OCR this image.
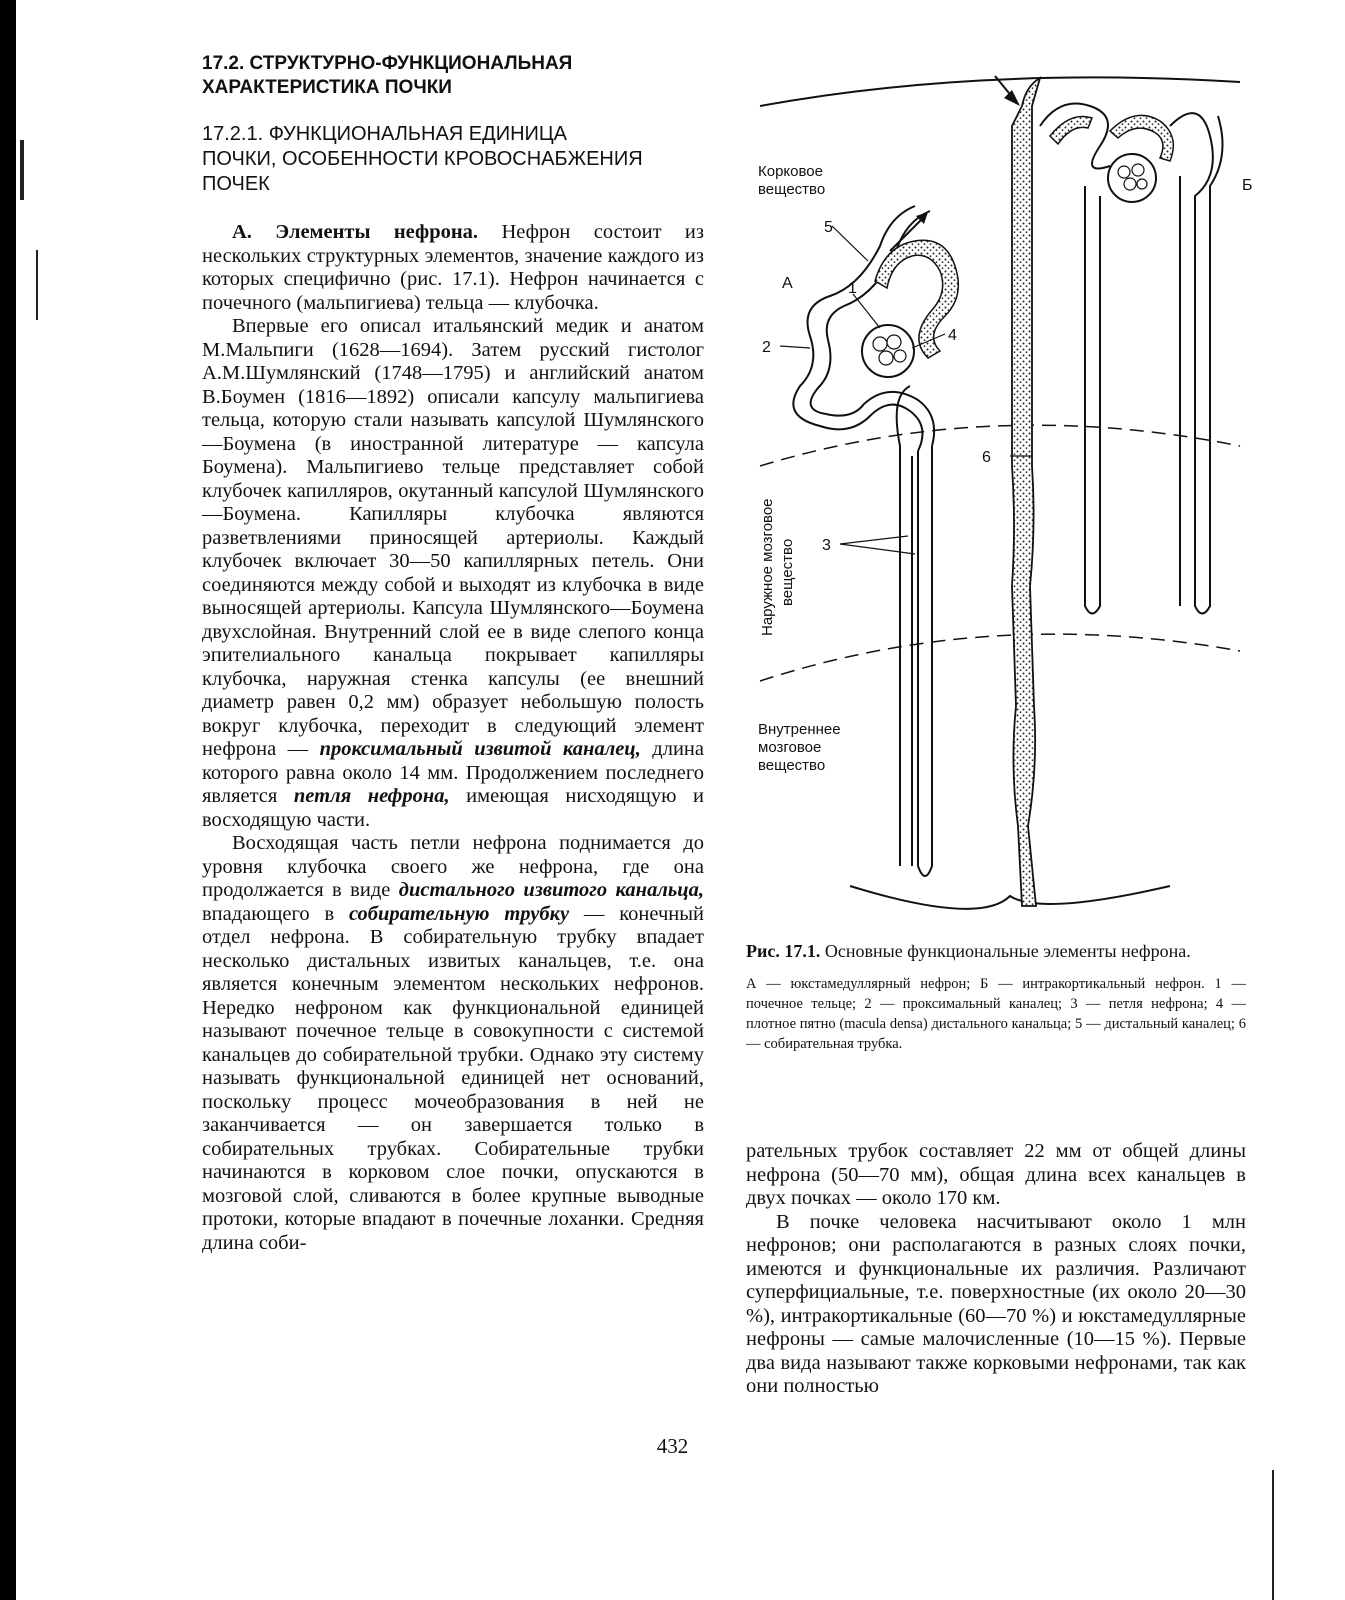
17.2. СТРУКТУРНО-ФУНКЦИОНАЛЬНАЯ
ХАРАКТЕРИСТИКА ПОЧКИ
17.2.1. ФУНКЦИОНАЛЬНАЯ ЕДИНИЦА
ПОЧКИ, ОСОБЕННОСТИ КРОВОСНАБЖЕНИЯ
ПОЧЕК

А. Элементы нефрона. Нефрон состоит из нескольких структурных элементов, значение каждого из которых специфично (рис. 17.1). Нефрон начинается с почечного (мальпигиева) тельца — клубочка.

Впервые его описал итальянский медик и анатом М.Мальпиги (1628—1694). Затем русский гистолог А.М.Шумлянский (1748—1795) и английский анатом В.Боумен (1816—1892) описали капсулу мальпигиева тельца, которую стали называть капсулой Шумлянского—Боумена (в иностранной литературе — капсула Боумена). Мальпигиево тельце представляет собой клубочек капилляров, окутанный капсулой Шумлянского—Боумена. Капилляры клубочка являются разветвлениями приносящей артериолы. Каждый клубочек включает 30—50 капиллярных петель. Они соединяются между собой и выходят из клубочка в виде выносящей артериолы. Капсула Шумлянского—Боумена двухслойная. Внутренний слой ее в виде слепого конца эпителиального канальца покрывает капилляры клубочка, наружная стенка капсулы (ее внешний диаметр равен 0,2 мм) образует небольшую полость вокруг клубочка, переходит в следующий элемент нефрона — проксимальный извитой каналец, длина которого равна около 14 мм. Продолжением последнего является петля нефрона, имеющая нисходящую и восходящую части.

Восходящая часть петли нефрона поднимается до уровня клубочка своего же нефрона, где она продолжается в виде дистального извитого канальца, впадающего в собирательную трубку — конечный отдел нефрона. В собирательную трубку впадает несколько дистальных извитых канальцев, т.е. она является конечным элементом нескольких нефронов. Нередко нефроном как функциональной единицей называют почечное тельце в совокупности с системой канальцев до собирательной трубки. Однако эту систему называть функциональной единицей нет оснований, поскольку процесс мочеобразования в ней не заканчивается — он завершается только в собирательных трубках. Собирательные трубки начинаются в корковом слое почки, опускаются в мозговой слой, сливаются в более крупные выводные протоки, которые впадают в почечные лоханки. Средняя длина соби-

Корковое
вещество
Наружное мозговое вещество
Внутреннее
мозговое
вещество
А
Б
1
2
3
4
5
6

Рис. 17.1. Основные функциональные элементы нефрона.

А — юкстамедуллярный нефрон; Б — интракортикальный нефрон. 1 — почечное тельце; 2 — проксимальный каналец; 3 — петля нефрона; 4 — плотное пятно (macula densa) дистального канальца; 5 — дистальный каналец; 6 — собирательная трубка.

рательных трубок составляет 22 мм от общей длины нефрона (50—70 мм), общая длина всех канальцев в двух почках — около 170 км.

В почке человека насчитывают около 1 млн нефронов; они располагаются в разных слоях почки, имеются и функциональные их различия. Различают суперфициальные, т.е. поверхностные (их около 20—30 %), интракортикальные (60—70 %) и юкстамедуллярные нефроны — самые малочисленные (10—15 %). Первые два вида называют также корковыми нефронами, так как они полностью

432
